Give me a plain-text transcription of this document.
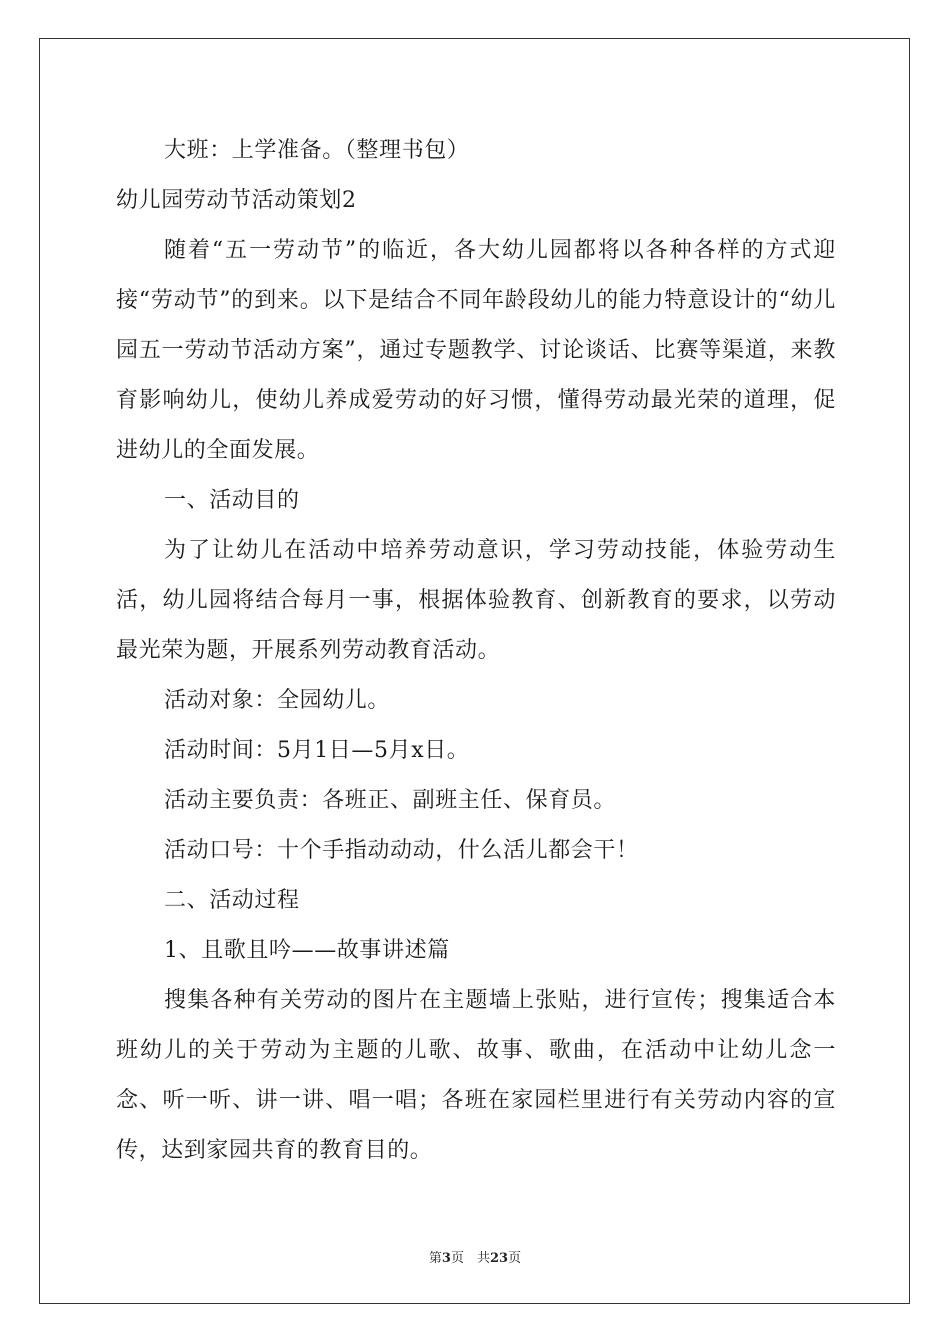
大班：上学准备。（整理书包）
幼儿园劳动节活动策划2

随着“五一劳动节”的临近，各大幼儿园都将以各种各样的方式迎接“劳动节”的到来。以下是结合不同年龄段幼儿的能力特意设计的“幼儿园五一劳动节活动方案”，通过专题教学、讨论谈话、比赛等渠道，来教育影响幼儿，使幼儿养成爱劳动的好习惯，懂得劳动最光荣的道理，促进幼儿的全面发展。

一、活动目的

为了让幼儿在活动中培养劳动意识，学习劳动技能，体验劳动生活，幼儿园将结合每月一事，根据体验教育、创新教育的要求，以劳动最光荣为题，开展系列劳动教育活动。

活动对象：全园幼儿。
活动时间：5月1日—5月x日。
活动主要负责：各班正、副班主任、保育员。
活动口号：十个手指动动动，什么活儿都会干！
二、活动过程
1、且歌且吟——故事讲述篇

搜集各种有关劳动的图片在主题墙上张贴，进行宣传；搜集适合本班幼儿的关于劳动为主题的儿歌、故事、歌曲，在活动中让幼儿念一念、听一听、讲一讲、唱一唱；各班在家园栏里进行有关劳动内容的宣传，达到家园共育的教育目的。

第3页　共23页
